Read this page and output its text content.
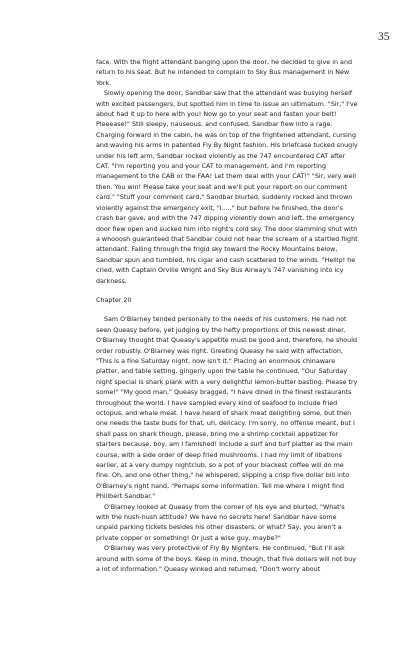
35

face. With the flight attendant banging upon the door, he decided to give in and return to his seat. But he intended to complain to Sky Bus management in New York.

Slowly opening the door, Sandbar saw that the attendant was busying herself with excited passengers, but spotted him in time to issue an ultimatum. "Sir," I've about had it up to here with you! Now go to your seat and fasten your belt! Pleeease!" Still sleepy, nauseous, and confused, Sandbar flew into a rage. Charging forward in the cabin, he was on top of the frightened attendant, cursing and waving his arms in patented Fly By Night fashion. His briefcase tucked snugly under his left arm, Sandbar rocked violently as the 747 encountered CAT after CAT. "I'm reporting you and your CAT to management, and I'm reporting management to the CAB or the FAA! Let them deal with your CAT!" "Sir, very well then. You win! Please take your seat and we'll put your report on our comment card." "Stuff your comment card," Sandbar blurted, suddenly rocked and thrown violently against the emergency exit, "I....," but before he finished, the door's crash bar gave, and with the 747 dipping violently down and left, the emergency door flew open and sucked him into night's cold sky. The door slamming shut with a whooosh guaranteed that Sandbar could not hear the scream of a startled flight attendant. Falling through the frigid sky toward the Rocky Mountains below, Sandbar spun and tumbled, his cigar and cash scattered to the winds. "Helllp! he cried, with Captain Orville Wright and Sky Bus Airway's 747 vanishing into icy darkness.

Chapter 20

Sam O'Blarney tended personally to the needs of his customers. He had not seen Queasy before, yet judging by the hefty proportions of this newest diner, O'Blarney thought that Queasy's appetite must be good and, therefore, he should order robustly. O'Blarney was right. Greeting Queasy he said with affectation, "This is a fine Saturday night, now isn't it." Placing an enormous chinaware platter, and table setting, gingerly upon the table he continued, "Our Saturday night special is shark plank with a very delightful lemon-butter basting. Please try some!" "My good man," Queasy bragged, "I have dined in the finest restaurants throughout the world. I have sampled every kind of seafood to include fried octopus, and whale meat. I have heard of shark meat delighting some, but then one needs the taste buds for that, uh, delicacy. I'm sorry, no offense meant, but I shall pass on shark though, please, bring me a shrimp cocktail appetizer for starters because, boy, am I famished! Include a surf and turf platter as the main course, with a side order of deep fried mushrooms. I had my limit of libations earlier, at a very dumpy nightclub, so a pot of your blackest coffee will do me fine. Oh, and one other thing," he whispered, slipping a crisp five dollar bill into O'Blarney's right hand, "Perhaps some information. Tell me where I might find Philibert Sandbar."

O'Blarney looked at Queasy from the corner of his eye and blurted, "What's with the hush-hush attitude? We have no secrets here! Sandbar have some unpaid parking tickets besides his other disasters, or what? Say, you aren't a private copper or something! Or just a wise guy, maybe?"

O'Blarney was very protective of Fly By Nighters. He continued, "But I'll ask around with some of the boys. Keep in mind, though, that five dollars will not buy a lot of information." Queasy winked and returned, "Don't worry about
